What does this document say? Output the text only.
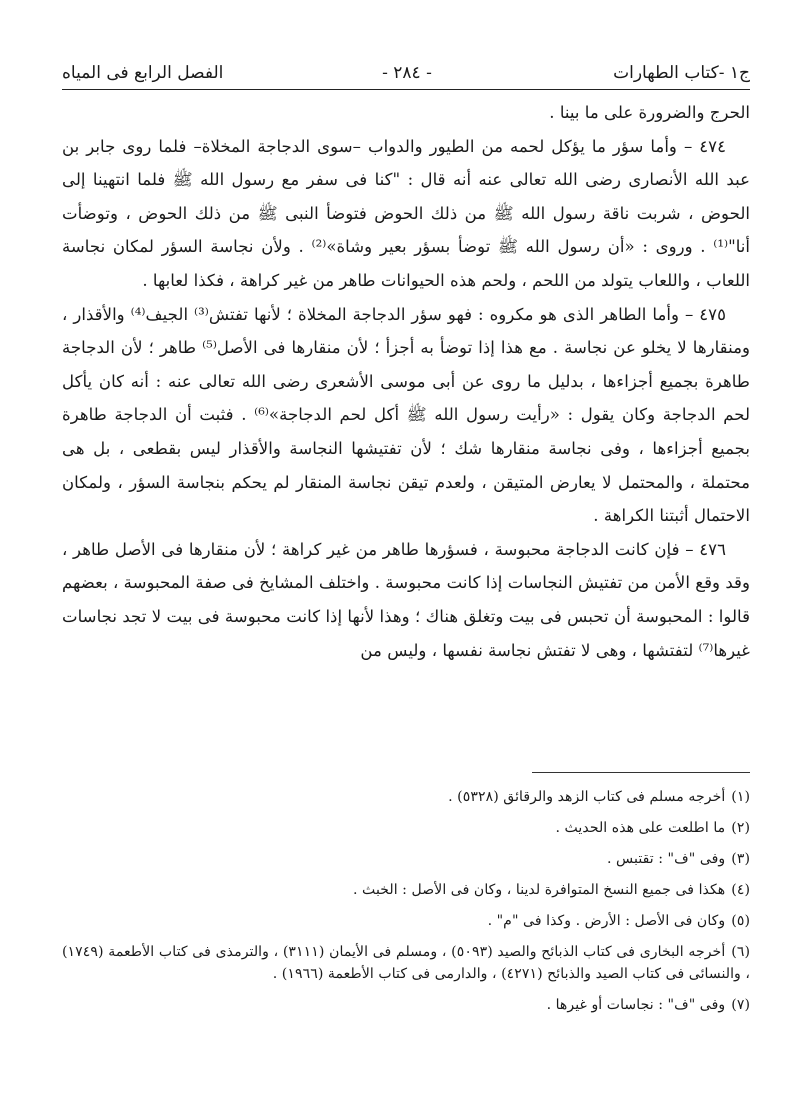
ج١ -كتاب الطهارات
- ٢٨٤ -
الفصل الرابع فى المياه

الحرج والضرورة على ما بينا .

٤٧٤ – وأما سؤر ما يؤكل لحمه من الطيور والدواب –سوى الدجاجة المخلاة– فلما روى جابر بن عبد الله الأنصارى رضى الله تعالى عنه أنه قال : "كنا فى سفر مع رسول الله ﷺ فلما انتهينا إلى الحوض ، شربت ناقة رسول الله ﷺ من ذلك الحوض فتوضأ النبى ﷺ من ذلك الحوض ، وتوضأت أنا"⁽¹⁾ . وروى : «أن رسول الله ﷺ توضأ بسؤر بعير وشاة»⁽²⁾ . ولأن نجاسة السؤر لمكان نجاسة اللعاب ، واللعاب يتولد من اللحم ، ولحم هذه الحيوانات طاهر من غير كراهة ، فكذا لعابها .

٤٧٥ – وأما الطاهر الذى هو مكروه : فهو سؤر الدجاجة المخلاة ؛ لأنها تفتش⁽³⁾ الجيف⁽⁴⁾ والأقذار ، ومنقارها لا يخلو عن نجاسة . مع هذا إذا توضأ به أجزأ ؛ لأن منقارها فى الأصل⁽⁵⁾ طاهر ؛ لأن الدجاجة طاهرة بجميع أجزاءها ، بدليل ما روى عن أبى موسى الأشعرى رضى الله تعالى عنه : أنه كان يأكل لحم الدجاجة وكان يقول : «رأيت رسول الله ﷺ أكل لحم الدجاجة»⁽⁶⁾ . فثبت أن الدجاجة طاهرة بجميع أجزاءها ، وفى نجاسة منقارها شك ؛ لأن تفتيشها النجاسة والأقذار ليس بقطعى ، بل هى محتملة ، والمحتمل لا يعارض المتيقن ، ولعدم تيقن نجاسة المنقار لم يحكم بنجاسة السؤر ، ولمكان الاحتمال أثبتنا الكراهة .

٤٧٦ – فإن كانت الدجاجة محبوسة ، فسؤرها طاهر من غير كراهة ؛ لأن منقارها فى الأصل طاهر ، وقد وقع الأمن من تفتيش النجاسات إذا كانت محبوسة . واختلف المشايخ فى صفة المحبوسة ، بعضهم قالوا : المحبوسة أن تحبس فى بيت وتغلق هناك ؛ وهذا لأنها إذا كانت محبوسة فى بيت لا تجد نجاسات غيرها⁽⁷⁾ لتفتشها ، وهى لا تفتش نجاسة نفسها ، وليس من

(١)أخرجه مسلم فى كتاب الزهد والرقائق (٥٣٢٨) .

(٢)ما اطلعت على هذه الحديث .

(٣)وفى "ف" : تقتبس .

(٤)هكذا فى جميع النسخ المتوافرة لدينا ، وكان فى الأصل : الخبث .

(٥)وكان فى الأصل : الأرض . وكذا فى "م" .

(٦)أخرجه البخارى فى كتاب الذبائح والصيد (٥٠٩٣) ، ومسلم فى الأيمان (٣١١١) ، والترمذى فى كتاب الأطعمة (١٧٤٩) ، والنسائى فى كتاب الصيد والذبائح (٤٢٧١) ، والدارمى فى كتاب الأطعمة (١٩٦٦) .

(٧)وفى "ف" : نجاسات أو غيرها .
